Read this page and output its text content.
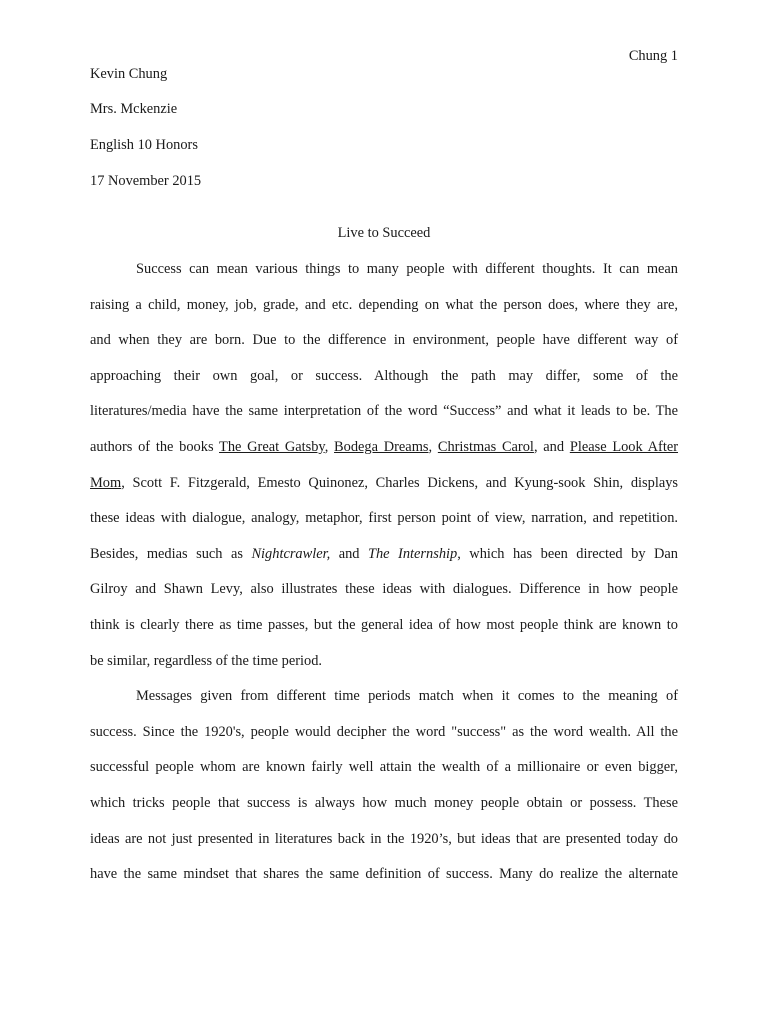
Chung 1
Kevin Chung
Mrs. Mckenzie
English 10 Honors
17 November 2015
Live to Succeed
Success can mean various things to many people with different thoughts. It can mean
raising a child, money, job, grade, and etc. depending on what the person does, where they are,
and when they are born. Due to the difference in environment, people have different way of
approaching their own goal, or success. Although the path may differ, some of the
literatures/media have the same interpretation of the word “Success” and what it leads to be. The
authors of the books The Great Gatsby, Bodega Dreams, Christmas Carol, and Please Look After
Mom, Scott F. Fitzgerald, Emesto Quinonez, Charles Dickens, and Kyung-sook Shin, displays
these ideas with dialogue, analogy, metaphor, first person point of view, narration, and repetition.
Besides, medias such as Nightcrawler, and The Internship, which has been directed by Dan
Gilroy and Shawn Levy, also illustrates these ideas with dialogues. Difference in how people
think is clearly there as time passes, but the general idea of how most people think are known to
be similar, regardless of the time period.
Messages given from different time periods match when it comes to the meaning of
success. Since the 1920's, people would decipher the word "success" as the word wealth. All the
successful people whom are known fairly well attain the wealth of a millionaire or even bigger,
which tricks people that success is always how much money people obtain or possess. These
ideas are not just presented in literatures back in the 1920’s, but ideas that are presented today do
have the same mindset that shares the same definition of success. Many do realize the alternate
